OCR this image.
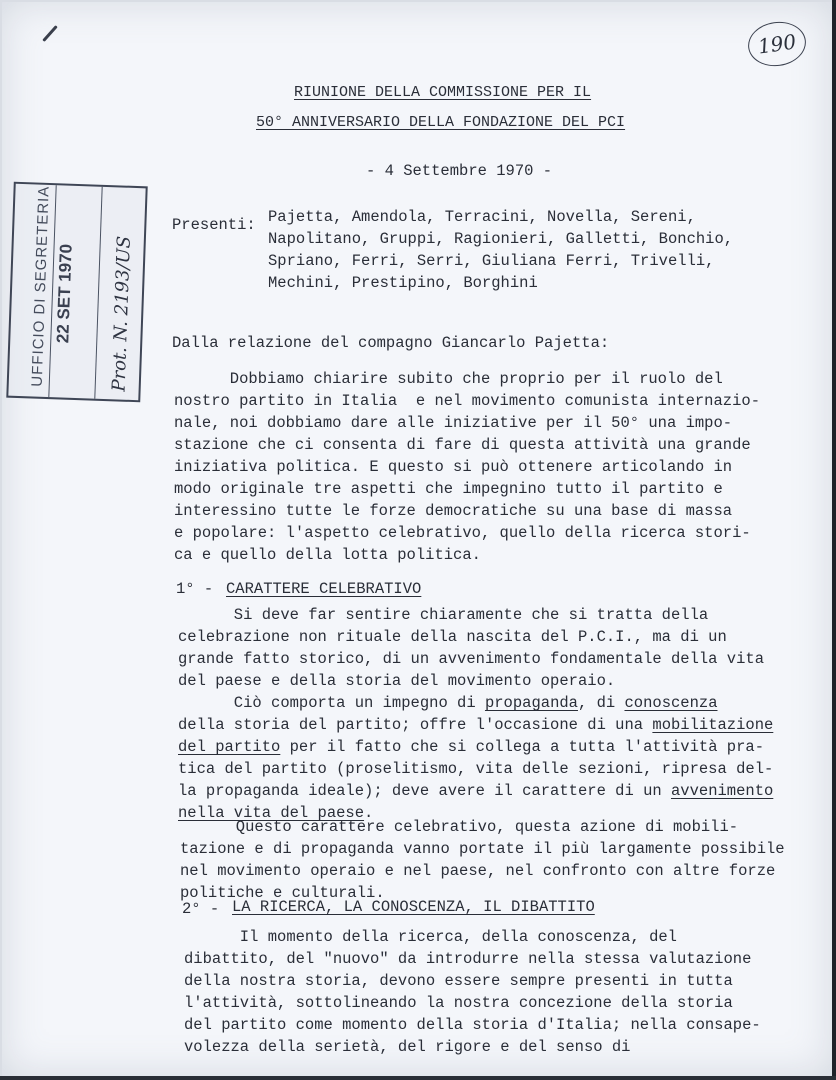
190
UFFICIO DI SEGRETERIA 22 SET 1970	Prot. N. 2193/US
RIUNIONE DELLA COMMISSIONE PER IL
50° ANNIVERSARIO DELLA FONDAZIONE DEL PCI
- 4 Settembre 1970 -
Presenti: Pajetta, Amendola, Terracini, Novella, Sereni,
Napolitano, Gruppi, Ragionieri, Galletti, Bonchio,
Spriano, Ferri, Serri, Giuliana Ferri, Trivelli,
Mechini, Prestipino, Borghini
Dalla relazione del compagno Giancarlo Pajetta:
Dobbiamo chiarire subito che proprio per il ruolo del
nostro partito in Italia  e nel movimento comunista internazio-
nale, noi dobbiamo dare alle iniziative per il 50° una impo-
stazione che ci consenta di fare di questa attività una grande
iniziativa politica. E questo si può ottenere articolando in
modo originale tre aspetti che impegnino tutto il partito e
interessino tutte le forze democratiche su una base di massa
e popolare: l'aspetto celebrativo, quello della ricerca stori-
ca e quello della lotta politica.
1° - CARATTERE CELEBRATIVO
Si deve far sentire chiaramente che si tratta della
celebrazione non rituale della nascita del P.C.I., ma di un
grande fatto storico, di un avvenimento fondamentale della vita
del paese e della storia del movimento operaio.
Ciò comporta un impegno di propaganda, di conoscenza
della storia del partito; offre l'occasione di una mobilitazione
del partito per il fatto che si collega a tutta l'attività pra-
tica del partito (proselitismo, vita delle sezioni, ripresa del-
la propaganda ideale); deve avere il carattere di un avvenimento
nella vita del paese.
Questo carattere celebrativo, questa azione di mobili-
tazione e di propaganda vanno portate il più largamente possibile
nel movimento operaio e nel paese, nel confronto con altre forze
politiche e culturali.
2° - LA RICERCA, LA CONOSCENZA, IL DIBATTITO
Il momento della ricerca, della conoscenza, del
dibattito, del "nuovo" da introdurre nella stessa valutazione
della nostra storia, devono essere sempre presenti in tutta
l'attività, sottolineando la nostra concezione della storia
del partito come momento della storia d'Italia; nella consape-
volezza della serietà, del rigore e del senso di
